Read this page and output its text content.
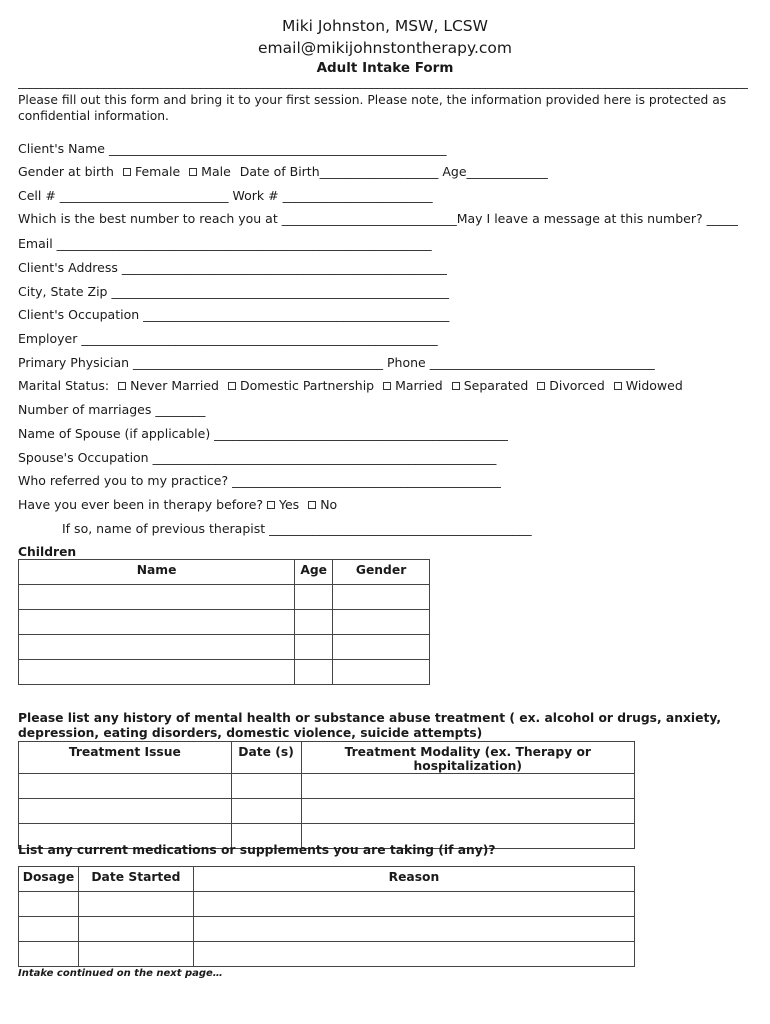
Miki Johnston, MSW, LCSW
email@mikijohnstontherapy.com
Adult Intake Form
________________________________________________________________________________________________________________________________
Please fill out this form and bring it to your first session. Please note, the information provided here is protected as confidential information.
Client's Name ______________________________________________________
Gender at birth Female Male Date of Birth___________________ Age_____________
Cell # ___________________________ Work # ________________________
Which is the best number to reach you at ____________________________May I leave a message at this number? _____
Email ____________________________________________________________
Client's Address ____________________________________________________
City, State Zip ______________________________________________________
Client's Occupation _________________________________________________
Employer _________________________________________________________
Primary Physician ________________________________________ Phone ____________________________________
Marital Status: Never Married Domestic Partnership Married Separated Divorced Widowed
Number of marriages ________
Name of Spouse (if applicable) _______________________________________________
Spouse's Occupation _______________________________________________________
Who referred you to my practice? ___________________________________________
Have you ever been in therapy before? Yes No
If so, name of previous therapist __________________________________________
Children
Name	Age	Gender

Please list any history of mental health or substance abuse treatment ( ex. alcohol or drugs, anxiety, depression, eating disorders, domestic violence, suicide attempts)
Treatment Issue	Date (s)	Treatment Modality (ex. Therapy or hospitalization)

List any current medications or supplements you are taking (if any)?
Dosage	Date Started	Reason

Intake continued on the next page…
